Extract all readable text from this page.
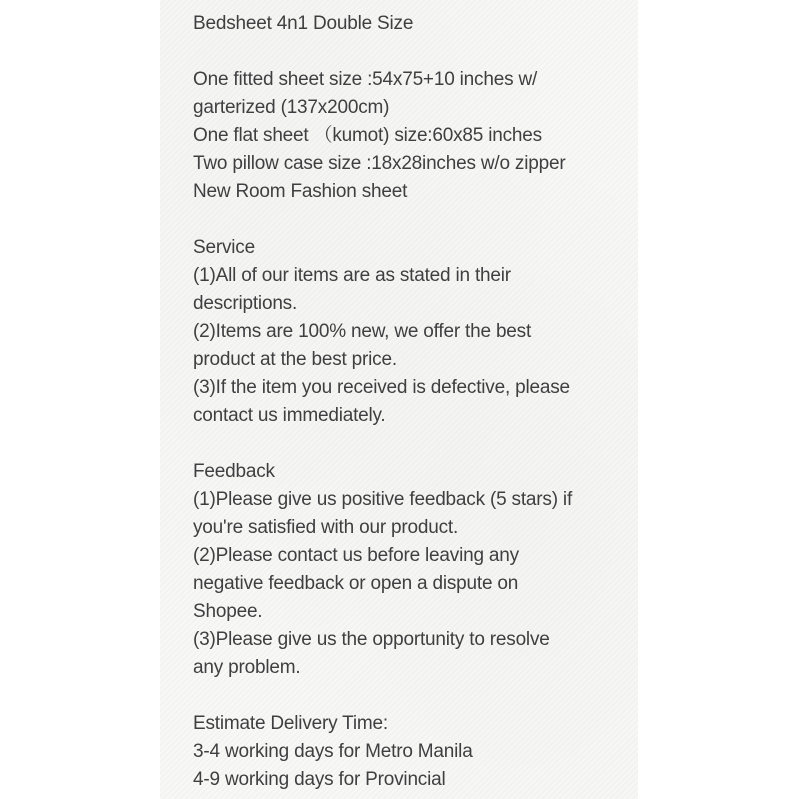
Bedsheet 4n1 Double Size
One fitted sheet size :54x75+10 inches w/
garterized (137x200cm)
One flat sheet （kumot) size:60x85 inches
Two pillow case size :18x28inches w/o zipper
New Room Fashion sheet
Service
(1)All of our items are as stated in their
descriptions.
(2)Items are 100% new, we offer the best
product at the best price.
(3)If the item you received is defective, please
contact us immediately.
Feedback
(1)Please give us positive feedback (5 stars) if
you're satisfied with our product.
(2)Please contact us before leaving any
negative feedback or open a dispute on
Shopee.
(3)Please give us the opportunity to resolve
any problem.
Estimate Delivery Time:
3-4 working days for Metro Manila
4-9 working days for Provincial
